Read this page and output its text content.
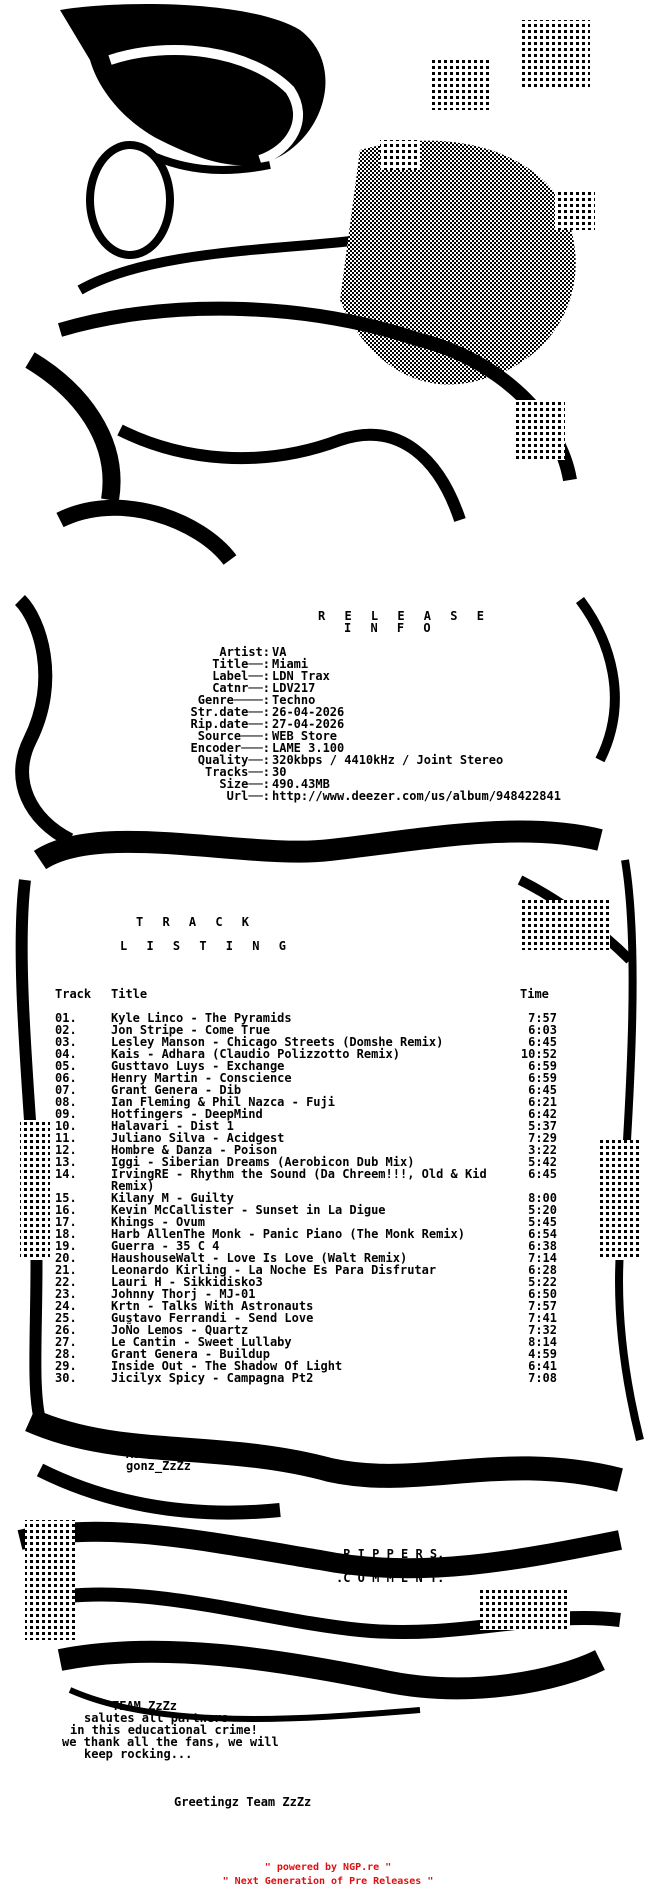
R E L E A S E
I N F O
Artist: VA
Title──: Miami
Label──: LDN Trax
Catnr──: LDV217
Genre────: Techno
Str.date──: 26-04-2026
Rip.date──: 27-04-2026
Source───: WEB Store
Encoder───: LAME 3.100
Quality──: 320kbps / 4410kHz / Joint Stereo
Tracks──: 30
Size──: 490.43MB
Url──: http://www.deezer.com/us/album/948422841
T R A C K
L I S T I N G
Track Title	Time
01.	Kyle Linco - The Pyramids	7:57
02.	Jon Stripe - Come True	6:03
03.	Lesley Manson - Chicago Streets (Domshe Remix)	6:45
04.	Kais - Adhara (Claudio Polizzotto Remix)	10:52
05.	Gusttavo Luys - Exchange	6:59
06.	Henry Martin - Conscience	6:59
07.	Grant Genera - Dib	6:45
08.	Ian Fleming & Phil Nazca - Fuji	6:21
09.	Hotfingers - DeepMind	6:42
10.	Halavari - Dist 1	5:37
11.	Juliano Silva - Acidgest	7:29
12.	Hombre & Danza - Poison	3:22
13.	Iggi - Siberian Dreams (Aerobicon Dub Mix)	5:42
14.	IrvingRE - Rhythm the Sound (Da Chreem!!!, Old & Kid Remix)
6:45
15.	Kilany M - Guilty	8:00
16.	Kevin McCallister - Sunset in La Digue	5:20
17.	Khings - Ovum	5:45
18.	Harb AllenThe Monk - Panic Piano (The Monk Remix)	6:54
19.	Guerra - 35 C 4	6:38
20.	HaushouseWalt - Love Is Love (Walt Remix)	7:14
21.	Leonardo Kirling - La Noche Es Para Disfrutar	6:28
22.	Lauri H - Sikkidisko3	5:22
23.	Johnny Thorj - MJ-01	6:50
24.	Krtn - Talks With Astronauts	7:57
25.	Gustavo Ferrandi - Send Love	7:41
26.	JoÑo Lemos - Quartz	7:32
27.	Le Cantin - Sweet Lullaby	8:14
28.	Grant Genera - Buildup	4:59
29.	Inside Out - The Shadow Of Light	6:41
30.	Jicilyx Spicy - Campagna Pt2	7:08
ASCii by
gonz_ZzZz
.R I P P E R S.
.C O M M E N T.
TEAM ZzZz
salutes all partners
in this educational crime!
we thank all the fans, we will
keep rocking...
Greetingz Team ZzZz
" powered by NGP.re "
" Next Generation of Pre Releases "
